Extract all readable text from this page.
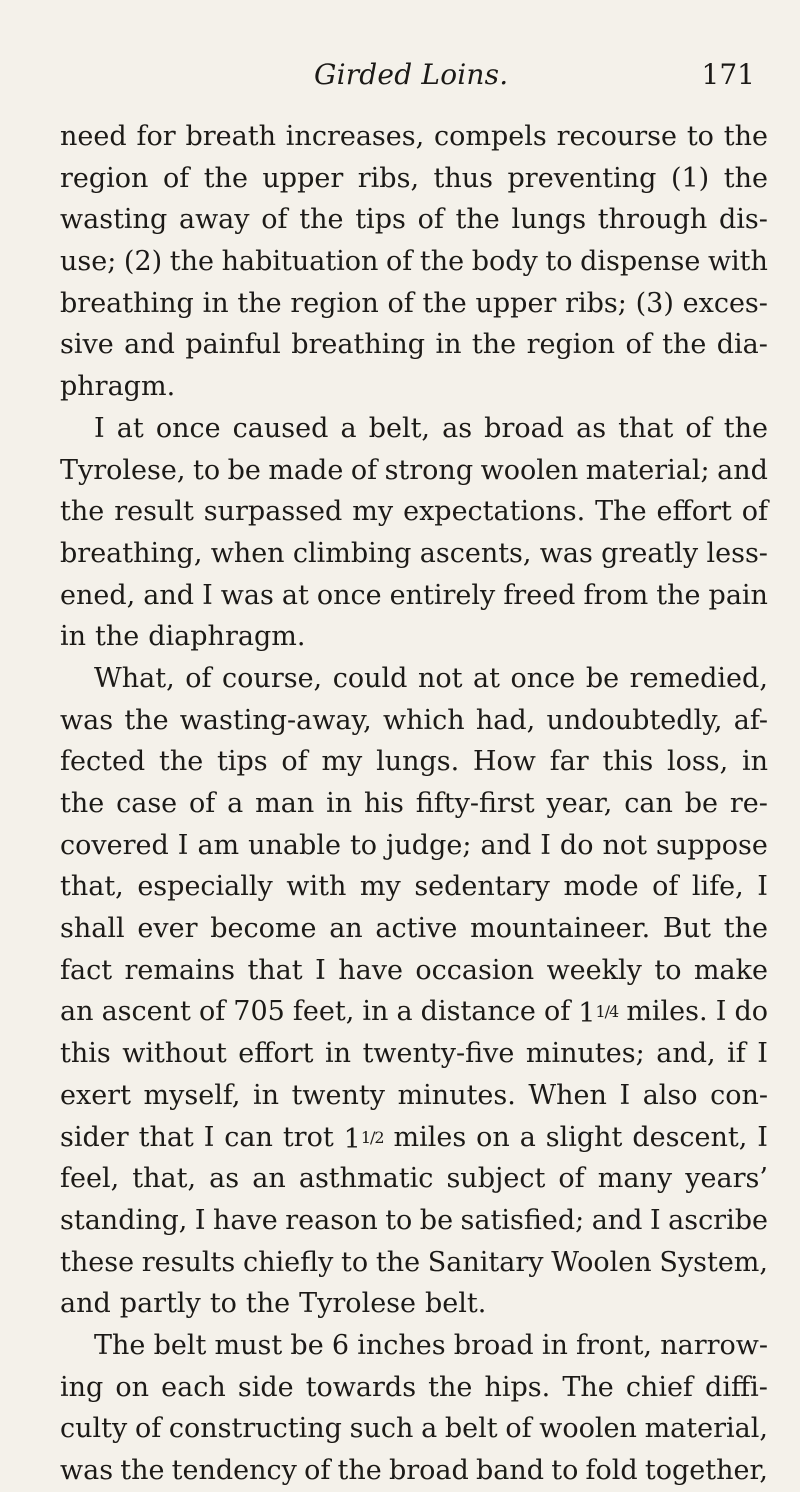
Girded Loins.	171
need for breath increases, compels recourse to the
region of the upper ribs, thus preventing (1) the
wasting away of the tips of the lungs through dis-
use; (2) the habituation of the body to dispense with
breathing in the region of the upper ribs; (3) exces-
sive and painful breathing in the region of the dia-
phragm.
I at once caused a belt, as broad as that of the
Tyrolese, to be made of strong woolen material; and
the result surpassed my expectations. The effort of
breathing, when climbing ascents, was greatly less-
ened, and I was at once entirely freed from the pain
in the diaphragm.
What, of course, could not at once be remedied,
was the wasting-away, which had, undoubtedly, af-
fected the tips of my lungs. How far this loss, in
the case of a man in his fifty-first year, can be re-
covered I am unable to judge; and I do not suppose
that, especially with my sedentary mode of life, I
shall ever become an active mountaineer. But the
fact remains that I have occasion weekly to make
an ascent of 705 feet, in a distance of 11/4 miles. I do
this without effort in twenty-five minutes; and, if I
exert myself, in twenty minutes. When I also con-
sider that I can trot 11/2 miles on a slight descent, I
feel, that, as an asthmatic subject of many years’
standing, I have reason to be satisfied; and I ascribe
these results chiefly to the Sanitary Woolen System,
and partly to the Tyrolese belt.
The belt must be 6 inches broad in front, narrow-
ing on each side towards the hips. The chief diffi-
culty of constructing such a belt of woolen material,
was the tendency of the broad band to fold together,
